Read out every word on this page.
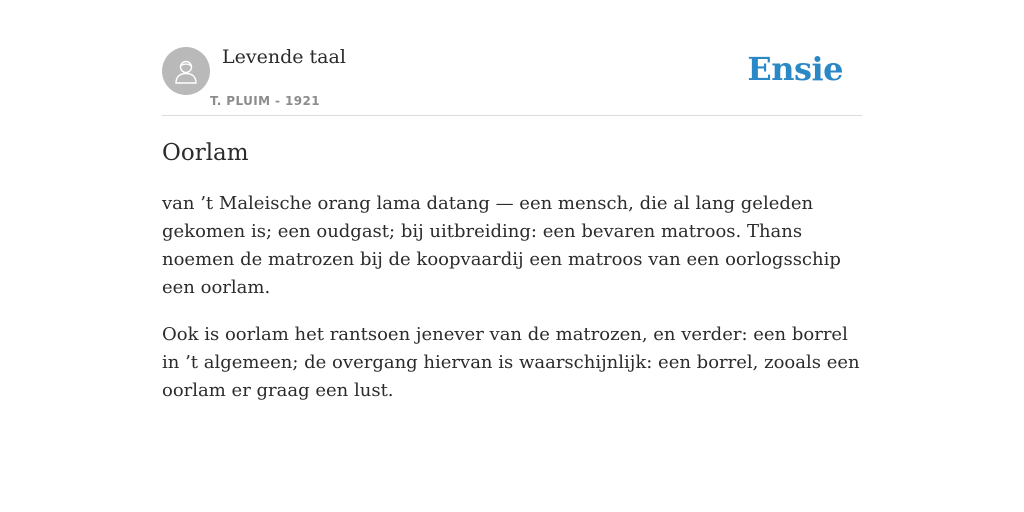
Levende taal
T. PLUIM - 1921
Ensie
Oorlam

van ’t Maleische orang lama datang — een mensch, die al lang geleden gekomen is; een oudgast; bij uitbreiding: een bevaren matroos. Thans noemen de matrozen bij de koopvaardij een matroos van een oorlogsschip een oorlam.

Ook is oorlam het rantsoen jenever van de matrozen, en verder: een borrel in ’t algemeen; de overgang hiervan is waarschijnlijk: een borrel, zooals een oorlam er graag een lust.
